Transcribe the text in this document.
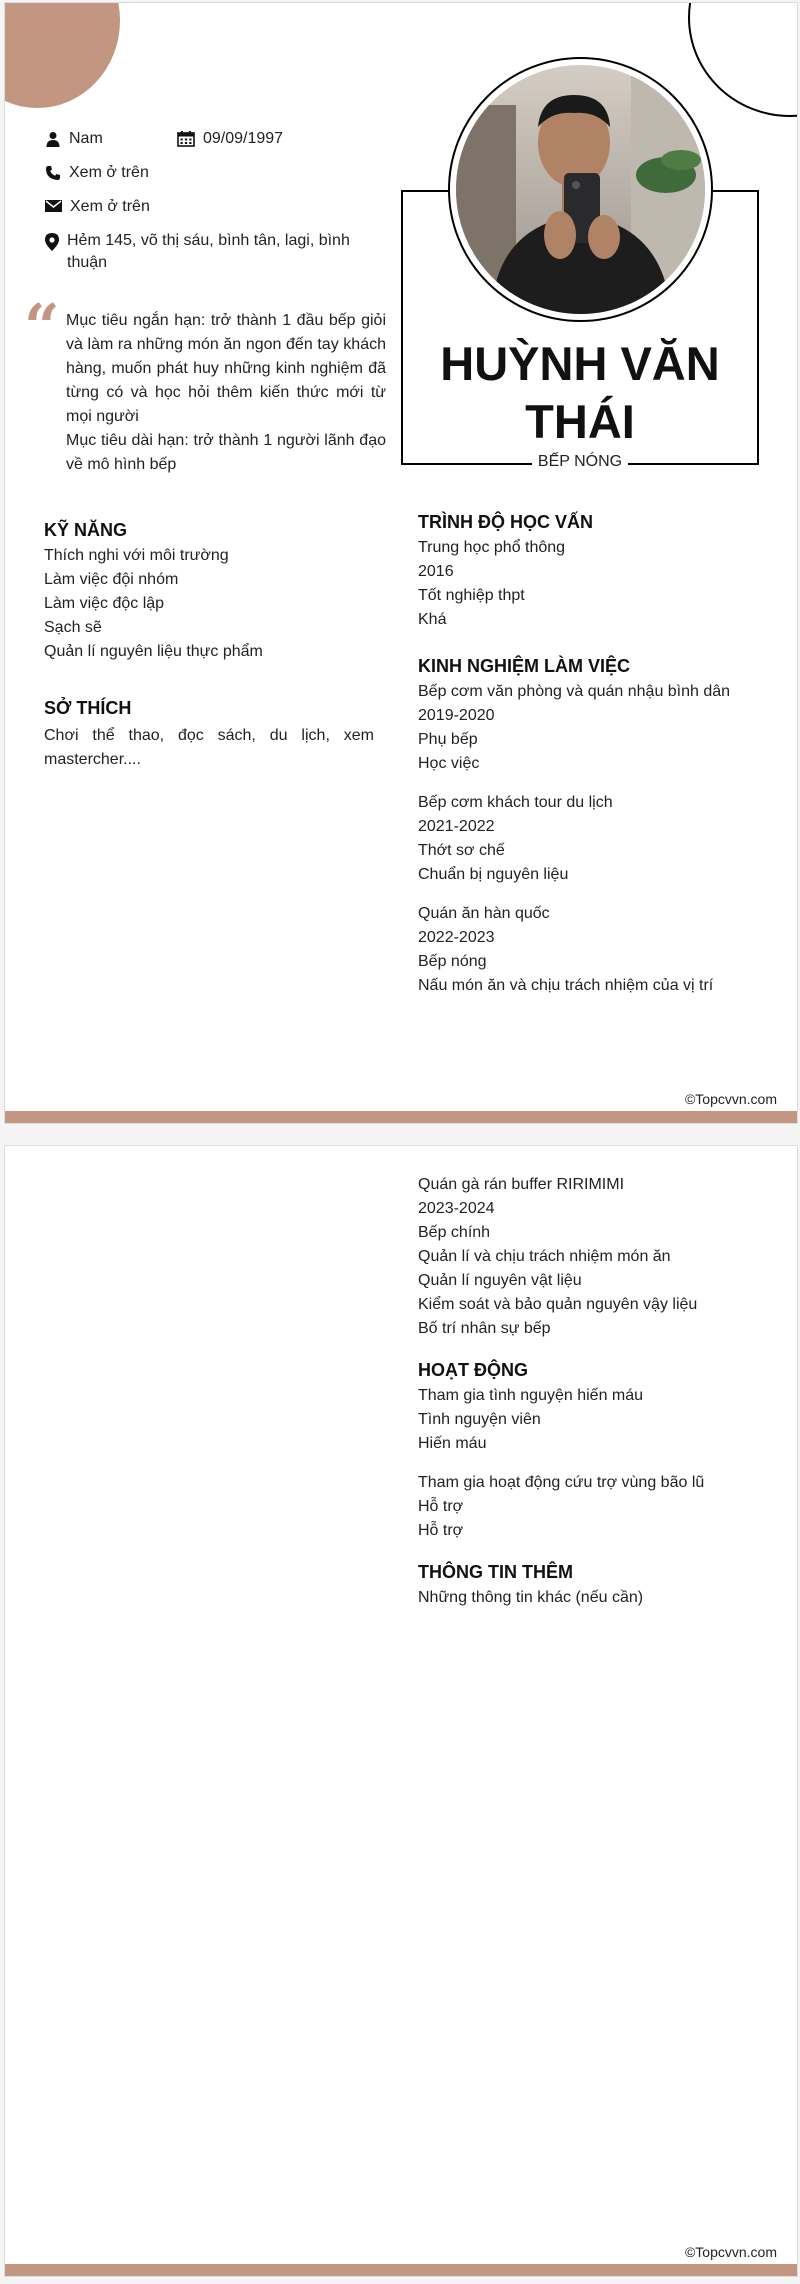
Nam	09/09/1997
Xem ở trên
Xem ở trên
Hẻm 145, võ thị sáu, bình tân, lagi, bình thuận
“ Mục tiêu ngắn hạn: trở thành 1 đầu bếp giỏi và làm ra những món ăn ngon đến tay khách hàng, muốn phát huy những kinh nghiệm đã từng có và học hỏi thêm kiến thức mới từ mọi người

Mục tiêu dài hạn: trở thành 1 người lãnh đạo về mô hình bếp

HUỲNH VĂN
THÁI
BẾP NÓNG
KỸ NĂNG
Thích nghi với môi trường
Làm việc đội nhóm
Làm việc độc lập
Sạch sẽ
Quản lí nguyên liệu thực phẩm
SỞ THÍCH
Chơi thể thao, đọc sách, du lịch, xem mastercher....
TRÌNH ĐỘ HỌC VẤN
Trung học phổ thông
2016
Tốt nghiệp thpt
Khá
KINH NGHIỆM LÀM VIỆC
Bếp cơm văn phòng và quán nhậu bình dân
2019-2020
Phụ bếp
Học việc
Bếp cơm khách tour du lịch
2021-2022
Thớt sơ chế
Chuẩn bị nguyên liệu
Quán ăn hàn quốc
2022-2023
Bếp nóng
Nấu món ăn và chịu trách nhiệm của vị trí
©Topcvvn.com
Quán gà rán buffer RIRIMIMI
2023-2024
Bếp chính
Quản lí và chịu trách nhiệm món ăn
Quản lí nguyên vật liệu
Kiểm soát và bảo quản nguyên vậy liệu
Bố trí nhân sự bếp
HOẠT ĐỘNG
Tham gia tình nguyện hiến máu
Tình nguyện viên
Hiến máu
Tham gia hoạt động cứu trợ vùng bão lũ
Hỗ trợ
Hỗ trợ
THÔNG TIN THÊM
Những thông tin khác (nếu cần)
©Topcvvn.com
